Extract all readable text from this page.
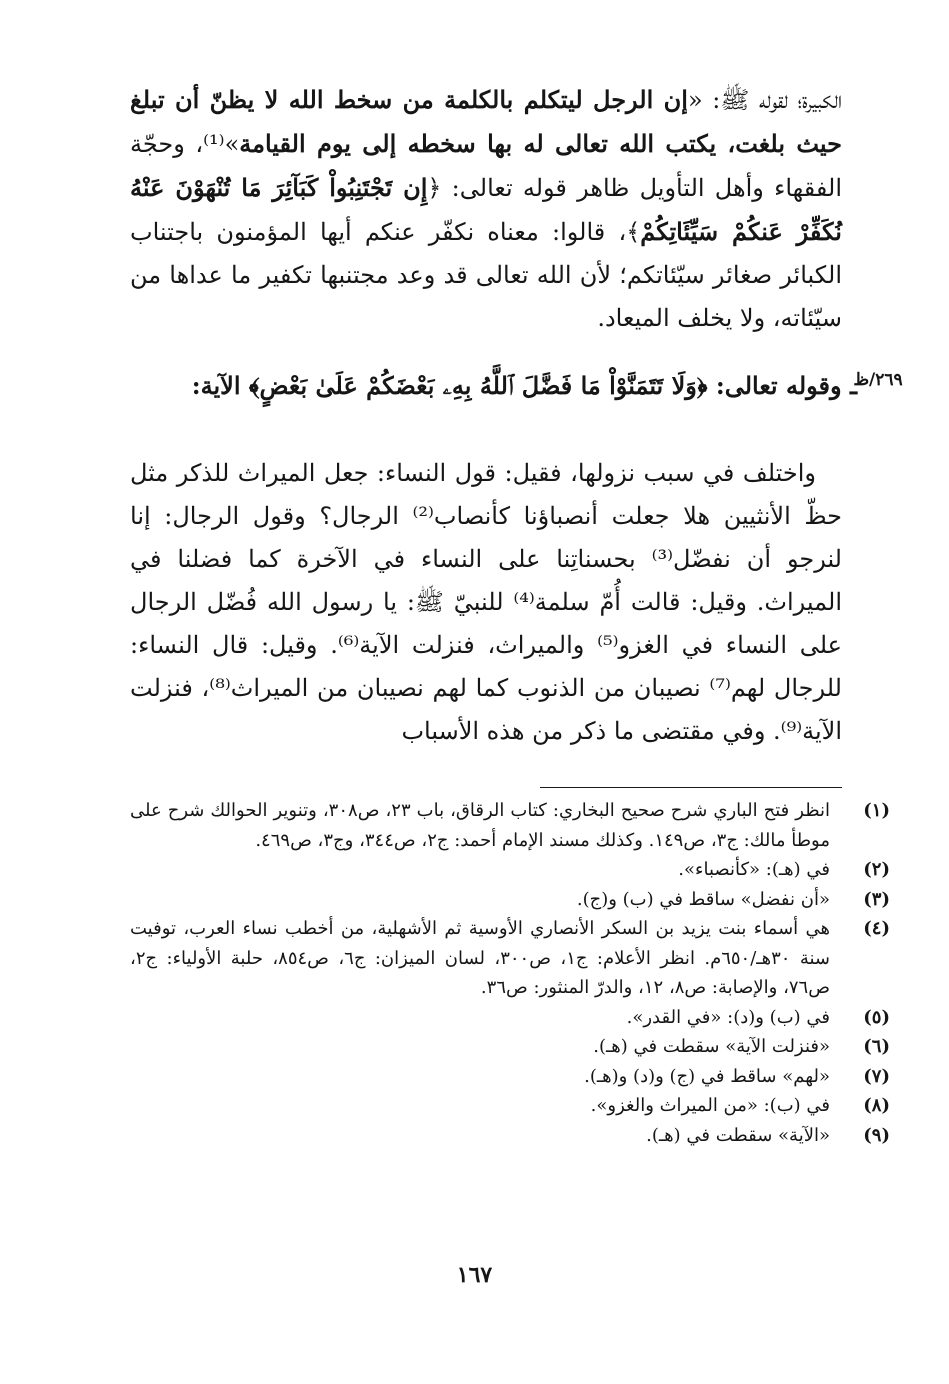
الكبيرة؛ لقوله ﷺ: «إن الرجل ليتكلم بالكلمة من سخط الله لا يظنّ أن تبلغ حيث بلغت، يكتب الله تعالى له بها سخطه إلى يوم القيامة»⁽¹⁾، وحجّة الفقهاء وأهل التأويل ظاهر قوله تعالى: ﴿إِن تَجْتَنِبُواْ كَبَآئِرَ مَا تُنْهَوْنَ عَنْهُ نُكَفِّرْ عَنكُمْ سَيِّئَاتِكُمْ﴾، قالوا: معناه نكفّر عنكم أيها المؤمنون باجتناب الكبائر صغائر سيّئاتكم؛ لأن الله تعالى قد وعد مجتنبها تكفير ما عداها من سيّئاته، ولا يخلف الميعاد.

ـ وقوله تعالى: ﴿وَلَا تَتَمَنَّوْاْ مَا فَضَّلَ ٱللَّهُ بِهِۦ بَعْضَكُمْ عَلَىٰ بَعْضٍ﴾ الآية:	٢٦٩/ظ

واختلف في سبب نزولها، فقيل: قول النساء: جعل الميراث للذكر مثل حظّ الأنثيين هلا جعلت أنصباؤنا كأنصاب⁽²⁾ الرجال؟ وقول الرجال: إنا لنرجو أن نفضّل⁽³⁾ بحسناتِنا على النساء في الآخرة كما فضلنا في الميراث. وقيل: قالت أُمّ سلمة⁽⁴⁾ للنبيّ ﷺ: يا رسول الله فُضّل الرجال على النساء في الغزو⁽⁵⁾ والميراث، فنزلت الآية⁽⁶⁾. وقيل: قال النساء: للرجال لهم⁽⁷⁾ نصيبان من الذنوب كما لهم نصيبان من الميراث⁽⁸⁾، فنزلت الآية⁽⁹⁾. وفي مقتضى ما ذكر من هذه الأسباب

(١)
انظر فتح الباري شرح صحيح البخاري: كتاب الرقاق، باب ٢٣، ص٣٠٨، وتنوير الحوالك شرح على موطأ مالك: ج٣، ص١٤٩. وكذلك مسند الإمام أحمد: ج٢، ص٣٤٤، وج٣، ص٤٦٩.
(٢)
في (هـ): «كأنصباء».
(٣)
«أن نفضل» ساقط في (ب) و(ج).
(٤)
هي أسماء بنت يزيد بن السكر الأنصاري الأوسية ثم الأشهلية، من أخطب نساء العرب، توفيت سنة ٣٠هـ/٦٥٠م. انظر الأعلام: ج١، ص٣٠٠، لسان الميزان: ج٦، ص٨٥٤، حلبة الأولياء: ج٢، ص٧٦، والإصابة: ص٨، ١٢، والدرّ المنثور: ص٣٦.
(٥)
في (ب) و(د): «في القدر».
(٦)
«فنزلت الآية» سقطت في (هـ).
(٧)
«لهم» ساقط في (ج) و(د) و(هـ).
(٨)
في (ب): «من الميراث والغزو».
(٩)
«الآية» سقطت في (هـ).
١٦٧
